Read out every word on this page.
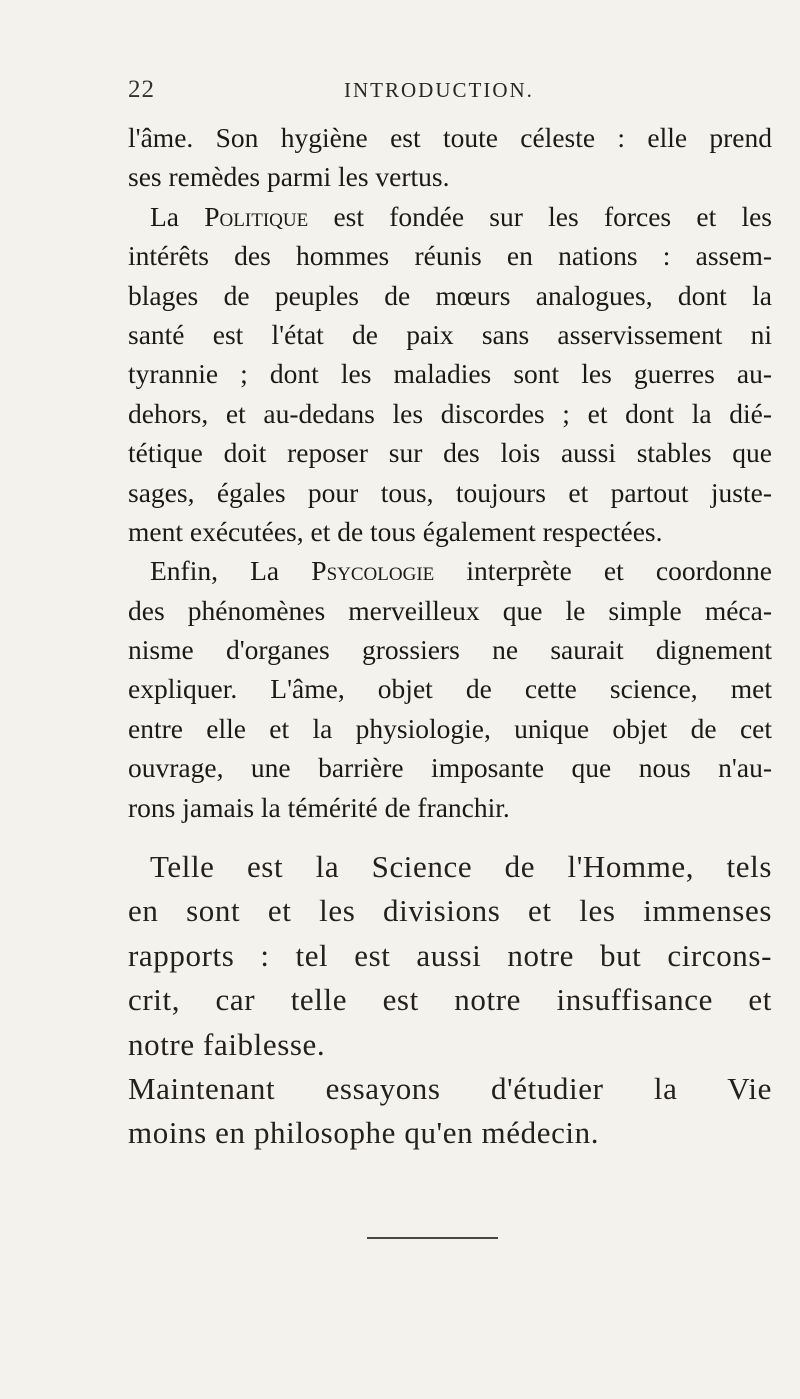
22	INTRODUCTION.
l'âme. Son hygiène est toute céleste : elle prend
ses remèdes parmi les vertus.
La Politique est fondée sur les forces et les
intérêts des hommes réunis en nations : assem-
blages de peuples de mœurs analogues, dont la
santé est l'état de paix sans asservissement ni
tyrannie ; dont les maladies sont les guerres au-
dehors, et au-dedans les discordes ; et dont la dié-
tétique doit reposer sur des lois aussi stables que
sages, égales pour tous, toujours et partout juste-
ment exécutées, et de tous également respectées.
Enfin, La Psycologie interprète et coordonne
des phénomènes merveilleux que le simple méca-
nisme d'organes grossiers ne saurait dignement
expliquer. L'âme, objet de cette science, met
entre elle et la physiologie, unique objet de cet
ouvrage, une barrière imposante que nous n'au-
rons jamais la témérité de franchir.
Telle est la Science de l'Homme, tels
en sont et les divisions et les immenses
rapports : tel est aussi notre but circons-
crit, car telle est notre insuffisance et
notre faiblesse.
Maintenant essayons d'étudier la Vie
moins en philosophe qu'en médecin.
